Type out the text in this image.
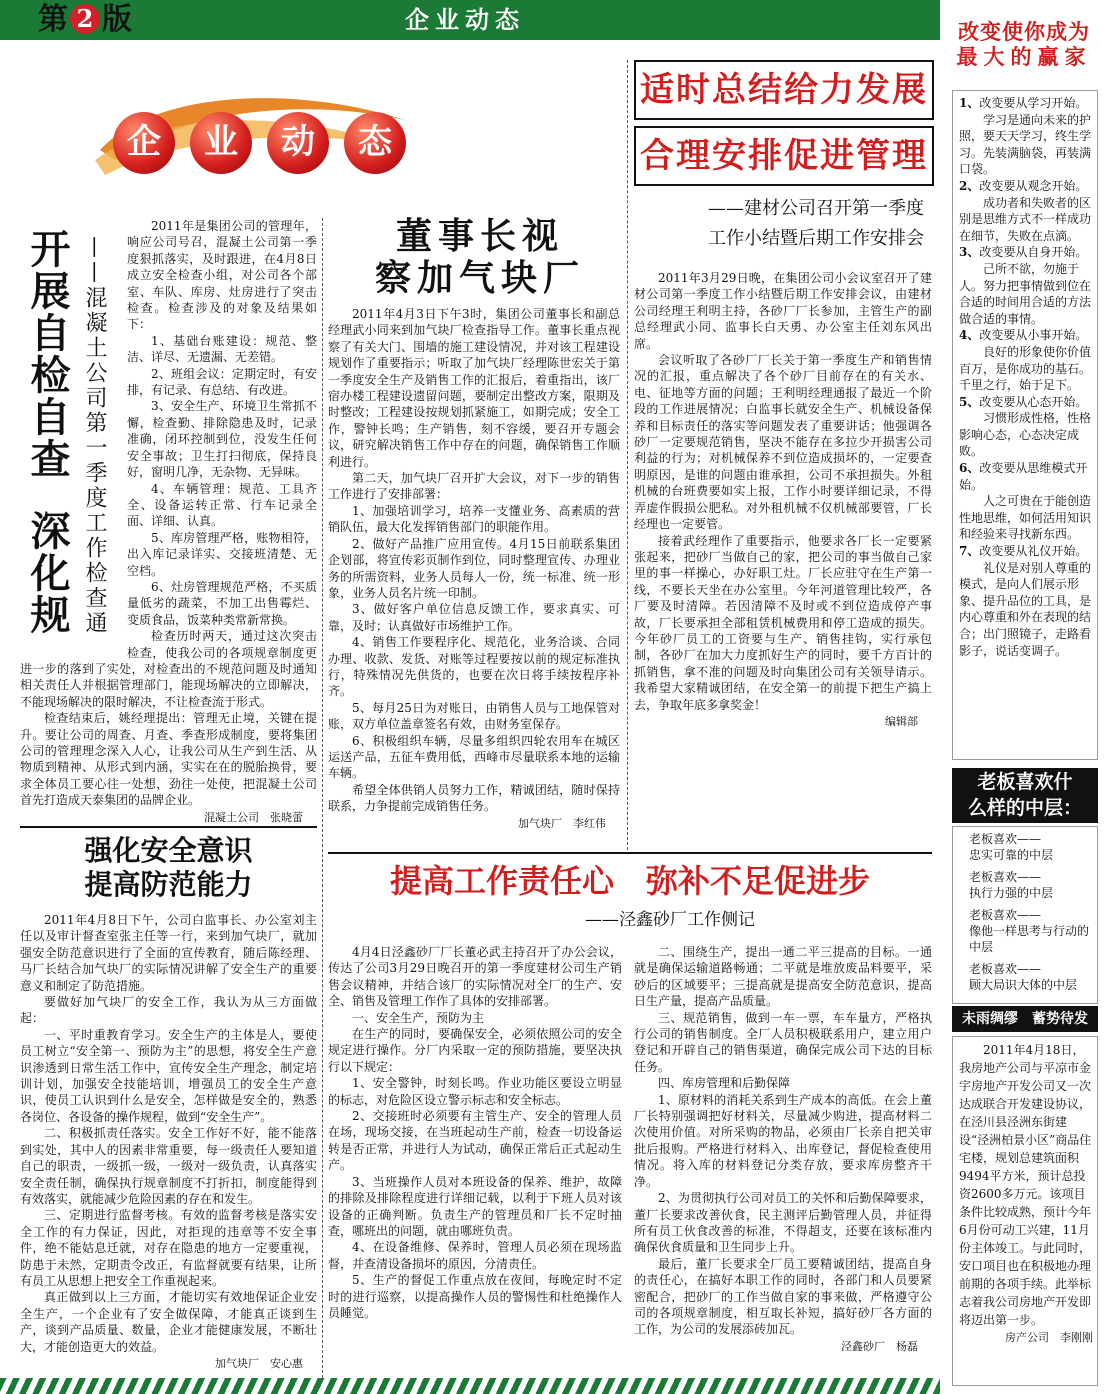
第 2 版	企业动态
企	业	动	态
开展自检自查深化规
——混凝土公司第一季度工作检查通

2011年是集团公司的管理年，响应公司号召，混凝土公司第一季度狠抓落实，及时跟进，在4月8日成立安全检查小组，对公司各个部室、车队、库房、灶房进行了突击检查。检查涉及的对象及结果如下：

1、基础台账建设：规范、整洁、详尽、无遗漏、无差错。

2、班组会议：定期定时，有安排，有记录、有总结、有改进。

3、安全生产、环境卫生常抓不懈，检查勤、排除隐患及时，记录准确，闭环控制到位，没发生任何安全事故；卫生打扫彻底，保持良好，窗明几净，无杂物、无异味。

4、车辆管理：规范、工具齐全、设备运转正常、行车记录全面、详细、认真。

5、库房管理严格，账物相符，出入库记录详实、交接班清楚、无空档。

6、灶房管理规范严格，不买质量低劣的蔬菜，不加工出售霉烂、变质食品，饭菜种类常新常换。

检查历时两天，通过这次突击检查，使我公司的各项规章制度更进一步的落到了实处，对检查出的不规范问题及时通知相关责任人并根据管理部门，能现场解决的立即解决，不能现场解决的限时解决，不让检查流于形式。

检查结束后，姚经理提出：管理无止境，关键在提升。要让公司的周查、月查、季查形成制度，要将集团公司的管理理念深入人心，让我公司从生产到生活、从物质到精神、从形式到内涵，实实在在的脱胎换骨，要求全体员工要心往一处想，劲往一处使，把混凝土公司首先打造成天泰集团的品牌企业。

混凝土公司　张晓蕾
强化安全意识
提高防范能力

2011年4月8日下午，公司白监事长、办公室刘主任以及审计督查室张主任等一行，来到加气块厂，就加强安全防范意识进行了全面的宣传教育，随后陈经理、马厂长结合加气块厂的实际情况讲解了安全生产的重要意义和制定了防范措施。

要做好加气块厂的安全工作，我认为从三方面做起：

一、平时重教育学习。安全生产的主体是人，要使员工树立“安全第一、预防为主”的思想，将安全生产意识渗透到日常生活工作中，宣传安全生产理念，制定培训计划，加强安全技能培训，增强员工的安全生产意识，使员工认识到什么是安全，怎样做是安全的，熟悉各岗位、各设备的操作规程，做到“安全生产”。

二、积极抓责任落实。安全工作好不好，能不能落到实处，其中人的因素非常重要，每一级责任人要知道自己的职责，一级抓一级，一级对一级负责，认真落实安全责任制，确保执行规章制度不打折扣，制度能得到有效落实，就能减少危险因素的存在和发生。

三、定期进行监督考核。有效的监督考核是落实安全工作的有力保证，因此，对拒现的违章等不安全事件，绝不能姑息迁就，对存在隐患的地方一定要重视，防患于未然，定期责令改正，有监督就要有结果，让所有员工从思想上把安全工作重视起来。

真正做到以上三方面，才能切实有效地保证企业安全生产，一个企业有了安全做保障，才能真正谈到生产，谈到产品质量、数量，企业才能健康发展，不断壮大，才能创造更大的效益。

加气块厂　安心惠
董事长视
察加气块厂

2011年4月3日下午3时，集团公司董事长和副总经理武小同来到加气块厂检查指导工作。董事长重点视察了有关大门、围墙的施工建设情况，并对该工程建设规划作了重要指示；听取了加气块厂经理陈世宏关于第一季度安全生产及销售工作的汇报后，着重指出，该厂宿办楼工程建设遗留问题，要制定出整改方案，限期及时整改；工程建设按规划抓紧施工，如期完成；安全工作，警钟长鸣；生产销售，刻不容缓，要召开专题会议，研究解决销售工作中存在的问题，确保销售工作顺利进行。

第二天，加气块厂召开扩大会议，对下一步的销售工作进行了安排部署：

1、加强培训学习，培养一支懂业务、高素质的营销队伍，最大化发挥销售部门的职能作用。

2、做好产品推广应用宣传。4月15日前联系集团企划部，将宣传彩页制作到位，同时整理宣传、办理业务的所需资料，业务人员每人一份，统一标准、统一形象，业务人员名片统一印制。

3、做好客户单位信息反馈工作，要求真实、可靠，及时；认真做好市场维护工作。

4、销售工作要程序化、规范化，业务洽谈、合同办理、收款、发货、对账等过程要按以前的规定标准执行，特殊情况先供货的，也要在次日将手续按程序补齐。

5、每月25日为对账日，由销售人员与工地保管对账，双方单位盖章签名有效，由财务室保存。

6、积极组织车辆，尽量多组织四轮农用车在城区运送产品，五征车费用低，西峰市尽量联系本地的运输车辆。

希望全体供销人员努力工作，精诚团结，随时保持联系，力争提前完成销售任务。

加气块厂　李红伟
适时总结给力发展
合理安排促进管理
——建材公司召开第一季度
工作小结暨后期工作安排会

2011年3月29日晚，在集团公司小会议室召开了建材公司第一季度工作小结暨后期工作安排会议，由建材公司经理王利明主持，各砂厂厂长参加，主管生产的副总经理武小同、监事长白天勇、办公室主任刘东风出席。

会议听取了各砂厂厂长关于第一季度生产和销售情况的汇报，重点解决了各个砂厂目前存在的有关水、电、征地等方面的问题；王利明经理通报了最近一个阶段的工作进展情况；白监事长就安全生产、机械设备保养和目标责任的落实等问题发表了重要讲话；他强调各砂厂一定要规范销售，坚决不能存在多拉少开损害公司利益的行为；对机械保养不到位造成损坏的，一定要查明原因，是谁的问题由谁承担，公司不承担损失。外租机械的台班费要如实上报，工作小时要详细记录，不得弄虚作假损公肥私。对外租机械不仅机械部要管，厂长经理也一定要管。

接着武经理作了重要指示，他要求各厂长一定要紧张起来，把砂厂当做自己的家，把公司的事当做自己家里的事一样操心，办好职工灶。厂长应驻守在生产第一线，不要长天坐在办公室里。今年河道管理比较严，各厂要及时清障。若因清障不及时或不到位造成停产事故，厂长要承担全部租赁机械费用和停工造成的损失。今年砂厂员工的工资要与生产、销售挂钩，实行承包制，各砂厂在加大力度抓好生产的同时，要千方百计的抓销售，拿不准的问题及时向集团公司有关领导请示。我希望大家精诚团结，在安全第一的前提下把生产搞上去，争取年底多拿奖金！

编辑部
提高工作责任心　弥补不足促进步
——泾鑫砂厂工作侧记

4月4日泾鑫砂厂厂长董必武主持召开了办公会议，传达了公司3月29日晚召开的第一季度建材公司生产销售会议精神，并结合该厂的实际情况对全厂的生产、安全、销售及管理工作作了具体的安排部署。

一、安全生产，预防为主

在生产的同时，要确保安全，必须依照公司的安全规定进行操作。分厂内采取一定的预防措施，要坚决执行以下规定：

1、安全警钟，时刻长鸣。作业功能区要设立明显的标志，对危险区设立警示标志和安全标志。

2、交接班时必须要有主管生产、安全的管理人员在场，现场交接，在当班起动生产前，检查一切设备运转是否正常，并进行人为试动，确保正常后正式起动生产。

3、当班操作人员对本班设备的保养、维护，故障的排除及排除程度进行详细记载，以利于下班人员对该设备的正确判断。负责生产的管理员和厂长不定时抽查，哪班出的问题，就由哪班负责。

4、在设备维修、保养时，管理人员必须在现场监督，并查清设备损坏的原因，分清责任。

5、生产的督促工作重点放在夜间，每晚定时不定时的进行巡察，以提高操作人员的警惕性和杜绝操作人员睡觉。

二、围绕生产，提出一通二平三提高的目标。一通就是确保运输道路畅通；二平就是堆放废品料要平，采砂后的区域要平；三提高就是提高安全防范意识，提高日生产量，提高产品质量。

三、规范销售，做到一车一票，车车量方，严格执行公司的销售制度。全厂人员积极联系用户，建立用户登记和开辟自己的销售渠道，确保完成公司下达的目标任务。

四、库房管理和后勤保障

1、原材料的消耗关系到生产成本的高低。在会上董厂长特别强调把好材料关，尽量减少购进，提高材料二次使用价值。对所采购的物品，必须由厂长亲自把关审批后报购。严格进行材料入、出库登记，督促检查使用情况。将入库的材料登记分类存放，要求库房整齐干净。

2、为贯彻执行公司对员工的关怀和后勤保障要求，董厂长要求改善伙食，民主测评后勤管理人员，并征得所有员工伙食改善的标准，不得超支，还要在该标准内确保伙食质量和卫生同步上升。

最后，董厂长要求全厂员工要精诚团结，提高自身的责任心，在搞好本职工作的同时，各部门和人员要紧密配合，把砂厂的工作当做自家的事来做，严格遵守公司的各项规章制度，相互取长补短，搞好砂厂各方面的工作，为公司的发展添砖加瓦。

泾鑫砂厂　杨磊
改变使你成为
最大的赢家

1、改变要从学习开始。

学习是通向未来的护照，要天天学习，终生学习。先装满脑袋，再装满口袋。

2、改变要从观念开始。

成功者和失败者的区别是思维方式不一样成功在细节，失败在点滴。

3、改变要从自身开始。

己所不欲，勿施于人。努力把事情做到位在合适的时间用合适的方法做合适的事情。

4、改变要从小事开始。

良好的形象使你价值百万，是你成功的基石。千里之行，始于足下。

5、改变要从心态开始。

习惯形成性格，性格影响心态，心态决定成败。

6、改变要从思维模式开始。

人之可贵在于能创造性地思维，如何活用知识和经验来寻找新东西。

7、改变要从礼仪开始。

礼仪是对别人尊重的模式，是向人们展示形象、提升品位的工具，是内心尊重和外在表现的结合；出门照镜子，走路看影子，说话变调子。

老板喜欢什
么样的中层：

老板喜欢——

忠实可靠的中层

老板喜欢——

执行力强的中层

老板喜欢——

像他一样思考与行动的中层

老板喜欢——

顾大局识大体的中层

未雨绸缪　蓄势待发

2011年4月18日，我房地产公司与平凉市金宇房地产开发公司又一次达成联合开发建设协议，在泾川县泾洲东街建设“泾洲柏景小区”商品住宅楼，规划总建筑面积9494平方米，预计总投资2600多万元。该项目条件比较成熟，预计今年6月份可动工兴建，11月份主体竣工。与此同时，安口项目也在积极地办理前期的各项手续。此举标志着我公司房地产开发即将迈出第一步。

房产公司　李刚刚
